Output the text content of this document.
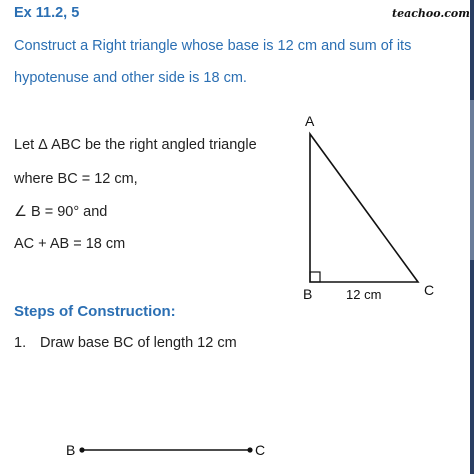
Ex 11.2, 5	teachoo.com
Construct a Right triangle whose base is 12 cm and sum of its
hypotenuse and other side is 18 cm.
Let Δ ABC be the right angled triangle
where BC = 12 cm,
∠ B = 90° and
AC + AB = 18 cm
A
B	C
12 cm
Steps of Construction:
1. Draw base BC of length 12 cm
B	C
